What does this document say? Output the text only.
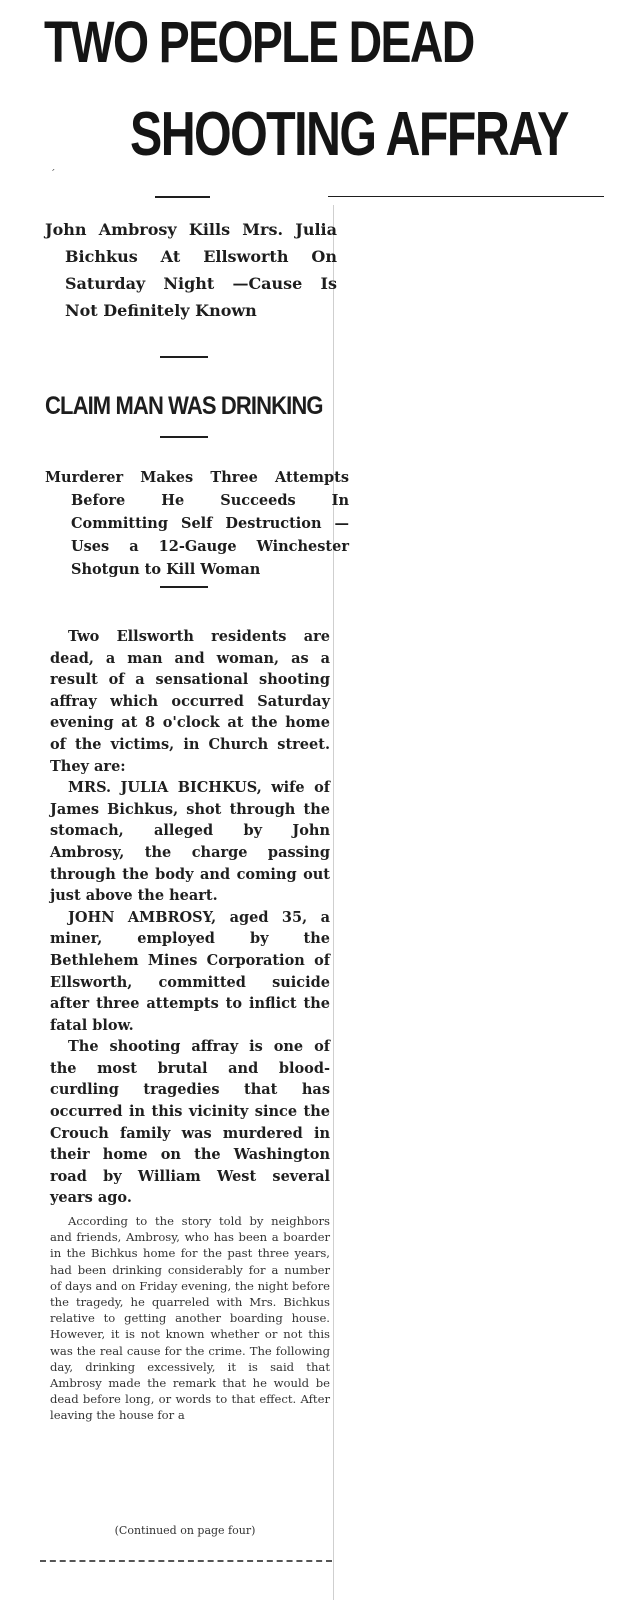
TWO PEOPLE DEAD
SHOOTING AFFRAY
´

John Ambrosy Kills Mrs. Julia Bichkus At Ellsworth On Saturday Night —Cause Is Not Definitely Known

CLAIM MAN WAS DRINKING

Murderer Makes Three Attempts Before He Succeeds In Committing Self Destruction —Uses a 12-Gauge Winchester Shotgun to Kill Woman

Two Ellsworth residents are dead, a man and woman, as a result of a sensational shooting affray which occurred Saturday evening at 8 o'clock at the home of the victims, in Church street. They are:

MRS. JULIA BICHKUS, wife of James Bichkus, shot through the stomach, alleged by John Ambrosy, the charge passing through the body and coming out just above the heart.

JOHN AMBROSY, aged 35, a miner, employed by the Bethlehem Mines Corporation of Ellsworth, committed suicide after three attempts to inflict the fatal blow.

The shooting affray is one of the most brutal and blood-curdling tragedies that has occurred in this vicinity since the Crouch family was murdered in their home on the Washington road by William West several years ago.

According to the story told by neighbors and friends, Ambrosy, who has been a boarder in the Bichkus home for the past three years, had been drinking considerably for a number of days and on Friday evening, the night before the tragedy, he quarreled with Mrs. Bichkus relative to getting another boarding house. However, it is not known whether or not this was the real cause for the crime. The following day, drinking excessively, it is said that Ambrosy made the remark that he would be dead before long, or words to that effect. After leaving the house for a

(Continued on page four)
